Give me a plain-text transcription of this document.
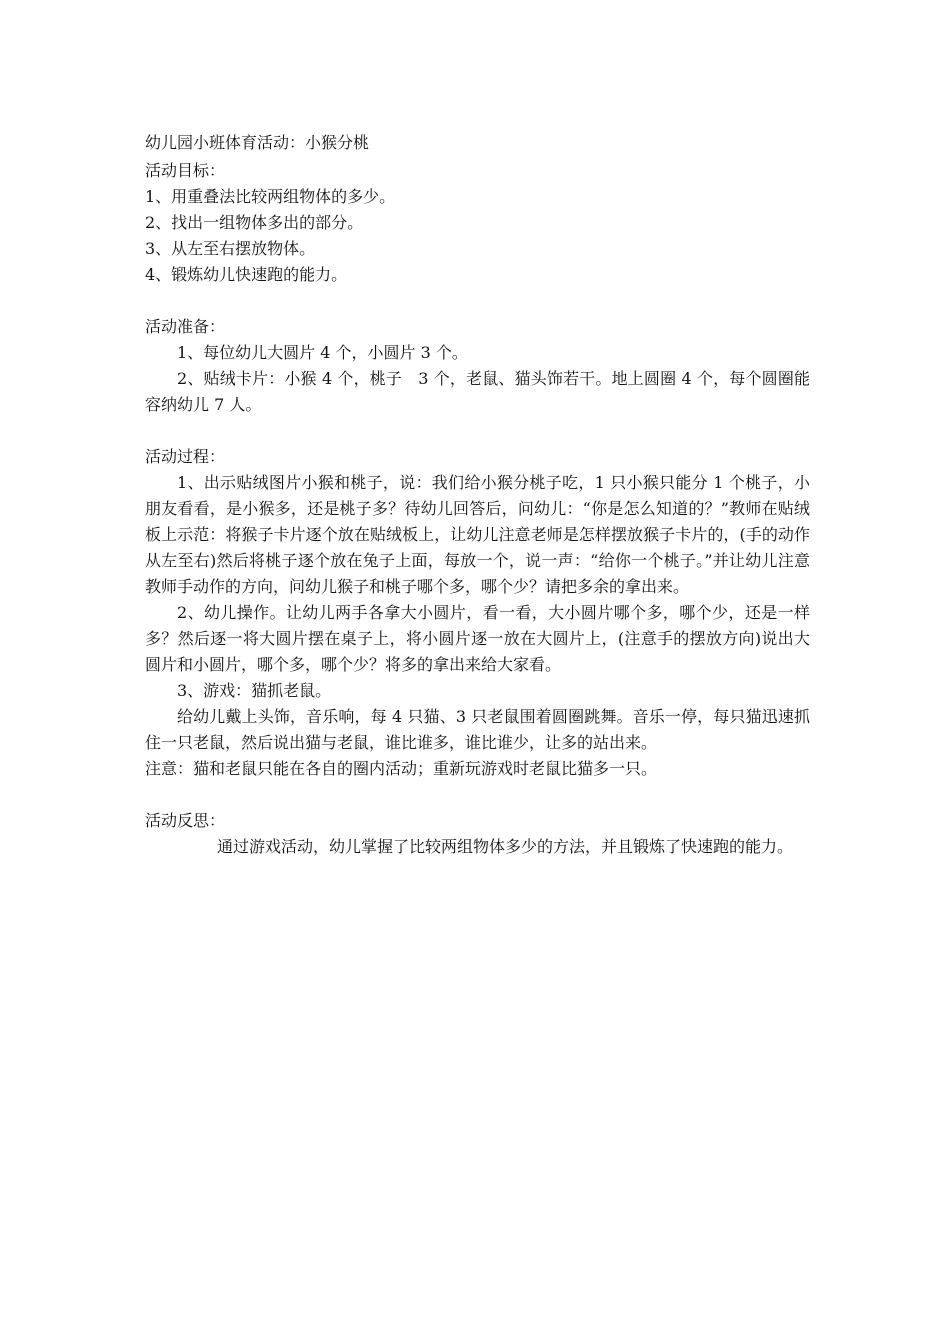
幼儿园小班体育活动：小猴分桃

活动目标：

1、用重叠法比较两组物体的多少。

2、找出一组物体多出的部分。

3、从左至右摆放物体。

4、锻炼幼儿快速跑的能力。

活动准备：

1、每位幼儿大圆片 4 个，小圆片 3 个。

2、贴绒卡片：小猴 4 个，桃子　3 个，老鼠、猫头饰若干。地上圆圈 4 个，每个圆圈能容纳幼儿 7 人。

活动过程：

1、出示贴绒图片小猴和桃子，说：我们给小猴分桃子吃，1 只小猴只能分 1 个桃子，小朋友看看，是小猴多，还是桃子多？待幼儿回答后，问幼儿：“你是怎么知道的？”教师在贴绒板上示范：将猴子卡片逐个放在贴绒板上，让幼儿注意老师是怎样摆放猴子卡片的，(手的动作从左至右)然后将桃子逐个放在兔子上面，每放一个，说一声：“给你一个桃子。”并让幼儿注意教师手动作的方向，问幼儿猴子和桃子哪个多，哪个少？请把多余的拿出来。

2、幼儿操作。让幼儿两手各拿大小圆片，看一看，大小圆片哪个多，哪个少，还是一样多？然后逐一将大圆片摆在桌子上，将小圆片逐一放在大圆片上，(注意手的摆放方向)说出大圆片和小圆片，哪个多，哪个少？将多的拿出来给大家看。

3、游戏：猫抓老鼠。

给幼儿戴上头饰，音乐响，每 4 只猫、3 只老鼠围着圆圈跳舞。音乐一停，每只猫迅速抓住一只老鼠，然后说出猫与老鼠，谁比谁多，谁比谁少，让多的站出来。

注意：猫和老鼠只能在各自的圈内活动；重新玩游戏时老鼠比猫多一只。

活动反思：

通过游戏活动，幼儿掌握了比较两组物体多少的方法，并且锻炼了快速跑的能力。
